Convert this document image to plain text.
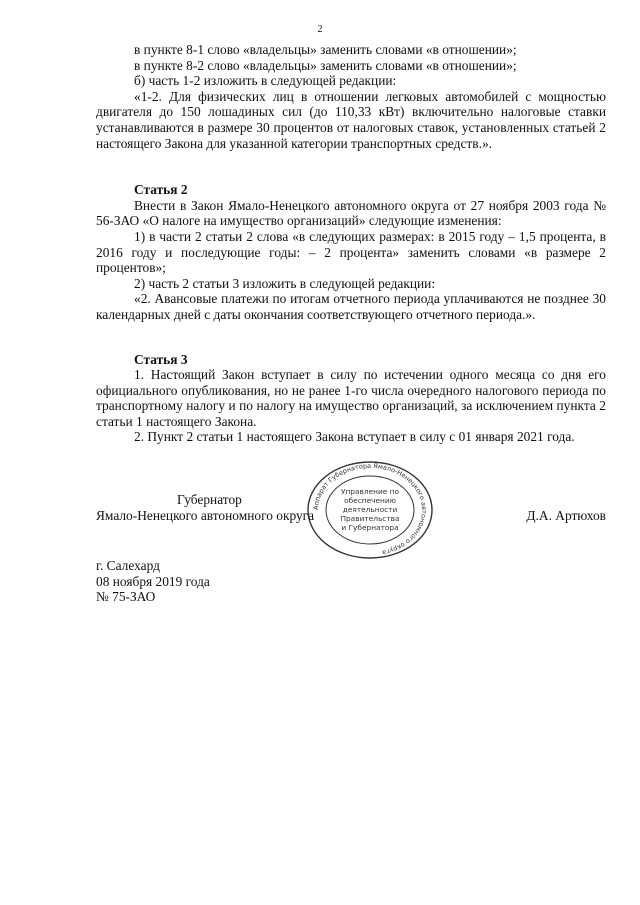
2

в пункте 8-1 слово «владельцы» заменить словами «в отношении»;

в пункте 8-2 слово «владельцы» заменить словами «в отношении»;

б) часть 1-2 изложить в следующей редакции:

«1-2. Для физических лиц в отношении легковых автомобилей с мощностью двигателя до 150 лошадиных сил (до 110,33 кВт) включительно налоговые ставки устанавливаются в размере 30 процентов от налоговых ставок, установленных статьей 2 настоящего Закона для указанной категории транспортных средств.».

Статья 2

Внести в Закон Ямало-Ненецкого автономного округа от 27 ноября 2003 года № 56-ЗАО «О налоге на имущество организаций» следующие изменения:

1) в части 2 статьи 2 слова «в следующих размерах: в 2015 году – 1,5 процента, в 2016 году и последующие годы: – 2 процента» заменить словами «в размере 2 процентов»;

2) часть 2 статьи 3 изложить в следующей редакции:

«2. Авансовые платежи по итогам отчетного периода уплачиваются не позднее 30 календарных дней с даты окончания соответствующего отчетного периода.».

Статья 3

1. Настоящий Закон вступает в силу по истечении одного месяца со дня его официального опубликования, но не ранее 1-го числа очередного налогового периода по транспортному налогу и по налогу на имущество организаций, за исключением пункта 2 статьи 1 настоящего Закона.

2. Пункт 2 статьи 1 настоящего Закона вступает в силу с 01 января 2021 года.

Аппарат Губернатора Ямало-Ненецкого автономного округа
Управление по
обеспечению
деятельности
Правительства
и Губернатора
Губернатор
Ямало-Ненецкого автономного округа	Д.А. Артюхов
г. Салехард
08 ноября 2019 года
№ 75-ЗАО
